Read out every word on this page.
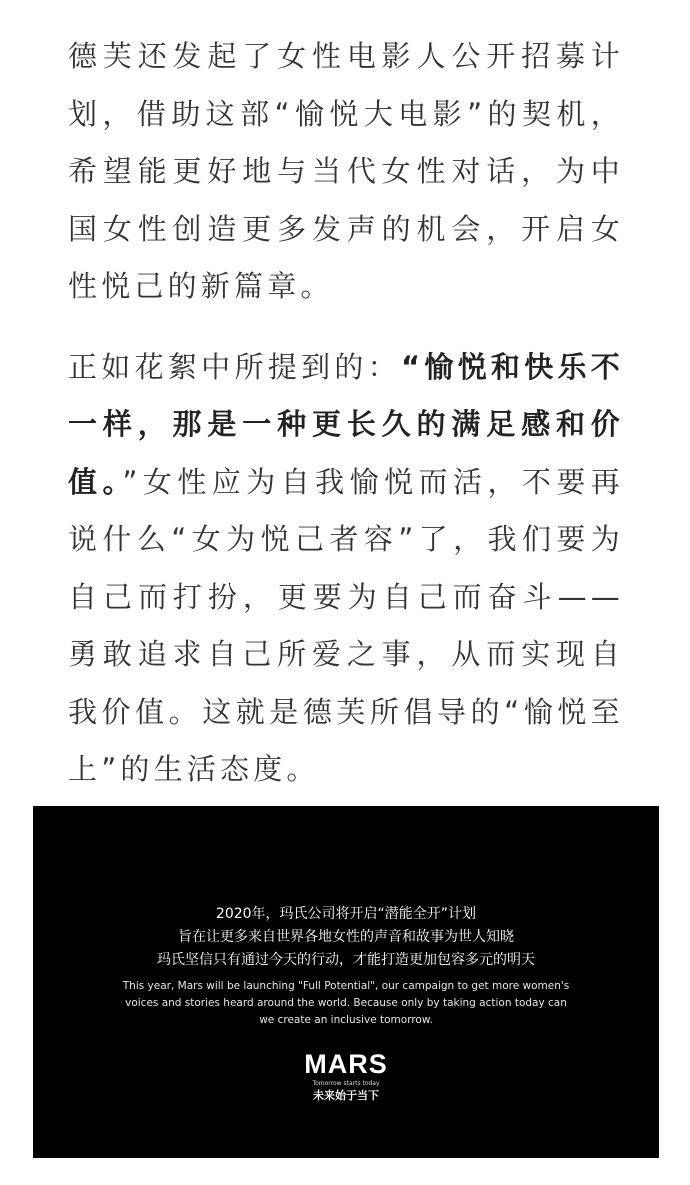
德芙还发起了女性电影人公开招募计划，借助这部“愉悦大电影”的契机，希望能更好地与当代女性对话，为中国女性创造更多发声的机会，开启女性悦己的新篇章。

正如花絮中所提到的：“愉悦和快乐不一样，那是一种更长久的满足感和价值。”女性应为自我愉悦而活，不要再说什么“女为悦己者容”了，我们要为自己而打扮，更要为自己而奋斗——勇敢追求自己所爱之事，从而实现自我价值。这就是德芙所倡导的“愉悦至上”的生活态度。

2020年，玛氏公司将开启“潜能全开”计划
旨在让更多来自世界各地女性的声音和故事为世人知晓
玛氏坚信只有通过今天的行动，才能打造更加包容多元的明天
This year, Mars will be launching "Full Potential", our campaign to get more women's
voices and stories heard around the world. Because only by taking action today can
we create an inclusive tomorrow.
MARS
Tomorrow starts today
未来始于当下
